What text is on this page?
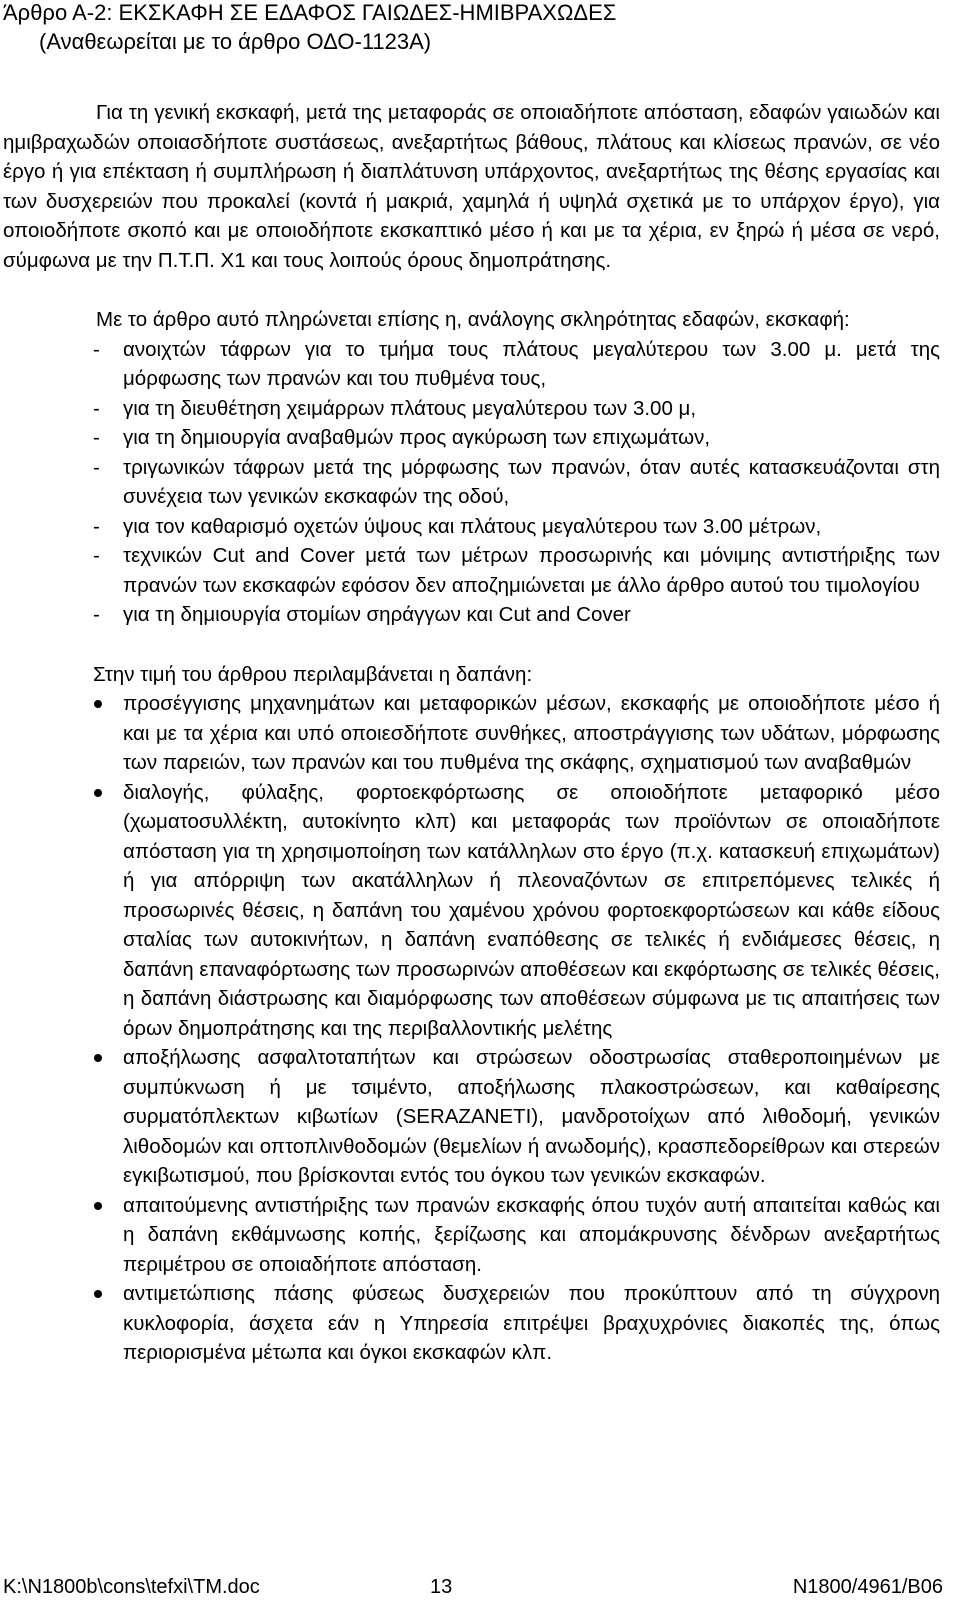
Άρθρο Α-2: ΕΚΣΚΑΦΗ ΣΕ ΕΔΑΦΟΣ ΓΑΙΩΔΕΣ-ΗΜΙΒΡΑΧΩΔΕΣ
(Αναθεωρείται με το άρθρο ΟΔΟ-1123Α)

Για τη γενική εκσκαφή, μετά της μεταφοράς σε οποιαδήποτε απόσταση, εδαφών γαιωδών και ημιβραχωδών οποιασδήποτε συστάσεως, ανεξαρτήτως βάθους, πλάτους και κλίσεως πρανών, σε νέο έργο ή για επέκταση ή συμπλήρωση ή διαπλάτυνση υπάρχοντος, ανεξαρτήτως της θέσης εργασίας και των δυσχερειών που προκαλεί (κοντά ή μακριά, χαμηλά ή υψηλά σχετικά με το υπάρχον έργο), για οποιοδήποτε σκοπό και με οποιοδήποτε εκσκαπτικό μέσο ή και με τα χέρια, εν ξηρώ ή μέσα σε νερό, σύμφωνα με την Π.Τ.Π. Χ1 και τους λοιπούς όρους δημοπράτησης.

Με το άρθρο αυτό πληρώνεται επίσης η, ανάλογης σκληρότητας εδαφών, εκσκαφή:

- ανοιχτών τάφρων για το τμήμα τους πλάτους μεγαλύτερου των 3.00 μ. μετά της μόρφωσης των πρανών και του πυθμένα τους,
- για τη διευθέτηση χειμάρρων πλάτους μεγαλύτερου των 3.00 μ,
- για τη δημιουργία αναβαθμών προς αγκύρωση των επιχωμάτων,
- τριγωνικών τάφρων μετά της μόρφωσης των πρανών, όταν αυτές κατασκευάζονται στη συνέχεια των γενικών εκσκαφών της οδού,
- για τον καθαρισμό οχετών ύψους και πλάτους μεγαλύτερου των 3.00 μέτρων,
- τεχνικών Cut and Cover μετά των μέτρων προσωρινής και μόνιμης αντιστήριξης των πρανών των εκσκαφών εφόσον δεν αποζημιώνεται με άλλο άρθρο αυτού του τιμολογίου
- για τη δημιουργία στομίων σηράγγων και Cut and Cover
Στην τιμή του άρθρου περιλαμβάνεται η δαπάνη:
προσέγγισης μηχανημάτων και μεταφορικών μέσων, εκσκαφής με οποιοδήποτε μέσο ή και με τα χέρια και υπό οποιεσδήποτε συνθήκες, αποστράγγισης των υδάτων, μόρφωσης των παρειών, των πρανών και του πυθμένα της σκάφης, σχηματισμού των αναβαθμών
διαλογής, φύλαξης, φορτοεκφόρτωσης σε οποιοδήποτε μεταφορικό μέσο (χωματοσυλλέκτη, αυτοκίνητο κλπ) και μεταφοράς των προϊόντων σε οποιαδήποτε απόσταση για τη χρησιμοποίηση των κατάλληλων στο έργο (π.χ. κατασκευή επιχωμάτων) ή για απόρριψη των ακατάλληλων ή πλεοναζόντων σε επιτρεπόμενες τελικές ή προσωρινές θέσεις, η δαπάνη του χαμένου χρόνου φορτοεκφορτώσεων και κάθε είδους σταλίας των αυτοκινήτων, η δαπάνη εναπόθεσης σε τελικές ή ενδιάμεσες θέσεις, η δαπάνη επαναφόρτωσης των προσωρινών αποθέσεων και εκφόρτωσης σε τελικές θέσεις, η δαπάνη διάστρωσης και διαμόρφωσης των αποθέσεων σύμφωνα με τις απαιτήσεις των όρων δημοπράτησης και της περιβαλλοντικής μελέτης
αποξήλωσης ασφαλτοταπήτων και στρώσεων οδοστρωσίας σταθεροποιημένων με συμπύκνωση ή με τσιμέντο, αποξήλωσης πλακοστρώσεων, και καθαίρεσης συρματόπλεκτων κιβωτίων (SERAZANETI), μανδροτοίχων από λιθοδομή, γενικών λιθοδομών και οπτοπλινθοδομών (θεμελίων ή ανωδομής), κρασπεδορείθρων και στερεών εγκιβωτισμού, που βρίσκονται εντός του όγκου των γενικών εκσκαφών.
απαιτούμενης αντιστήριξης των πρανών εκσκαφής όπου τυχόν αυτή απαιτείται καθώς και η δαπάνη εκθάμνωσης κοπής, ξερίζωσης και απομάκρυνσης δένδρων ανεξαρτήτως περιμέτρου σε οποιαδήποτε απόσταση.
αντιμετώπισης πάσης φύσεως δυσχερειών που προκύπτουν από τη σύγχρονη κυκλοφορία, άσχετα εάν η Υπηρεσία επιτρέψει βραχυχρόνιες διακοπές της, όπως περιορισμένα μέτωπα και όγκοι εκσκαφών κλπ.
K:\N1800b\cons\tefxi\TM.doc	13	N1800/4961/B06
